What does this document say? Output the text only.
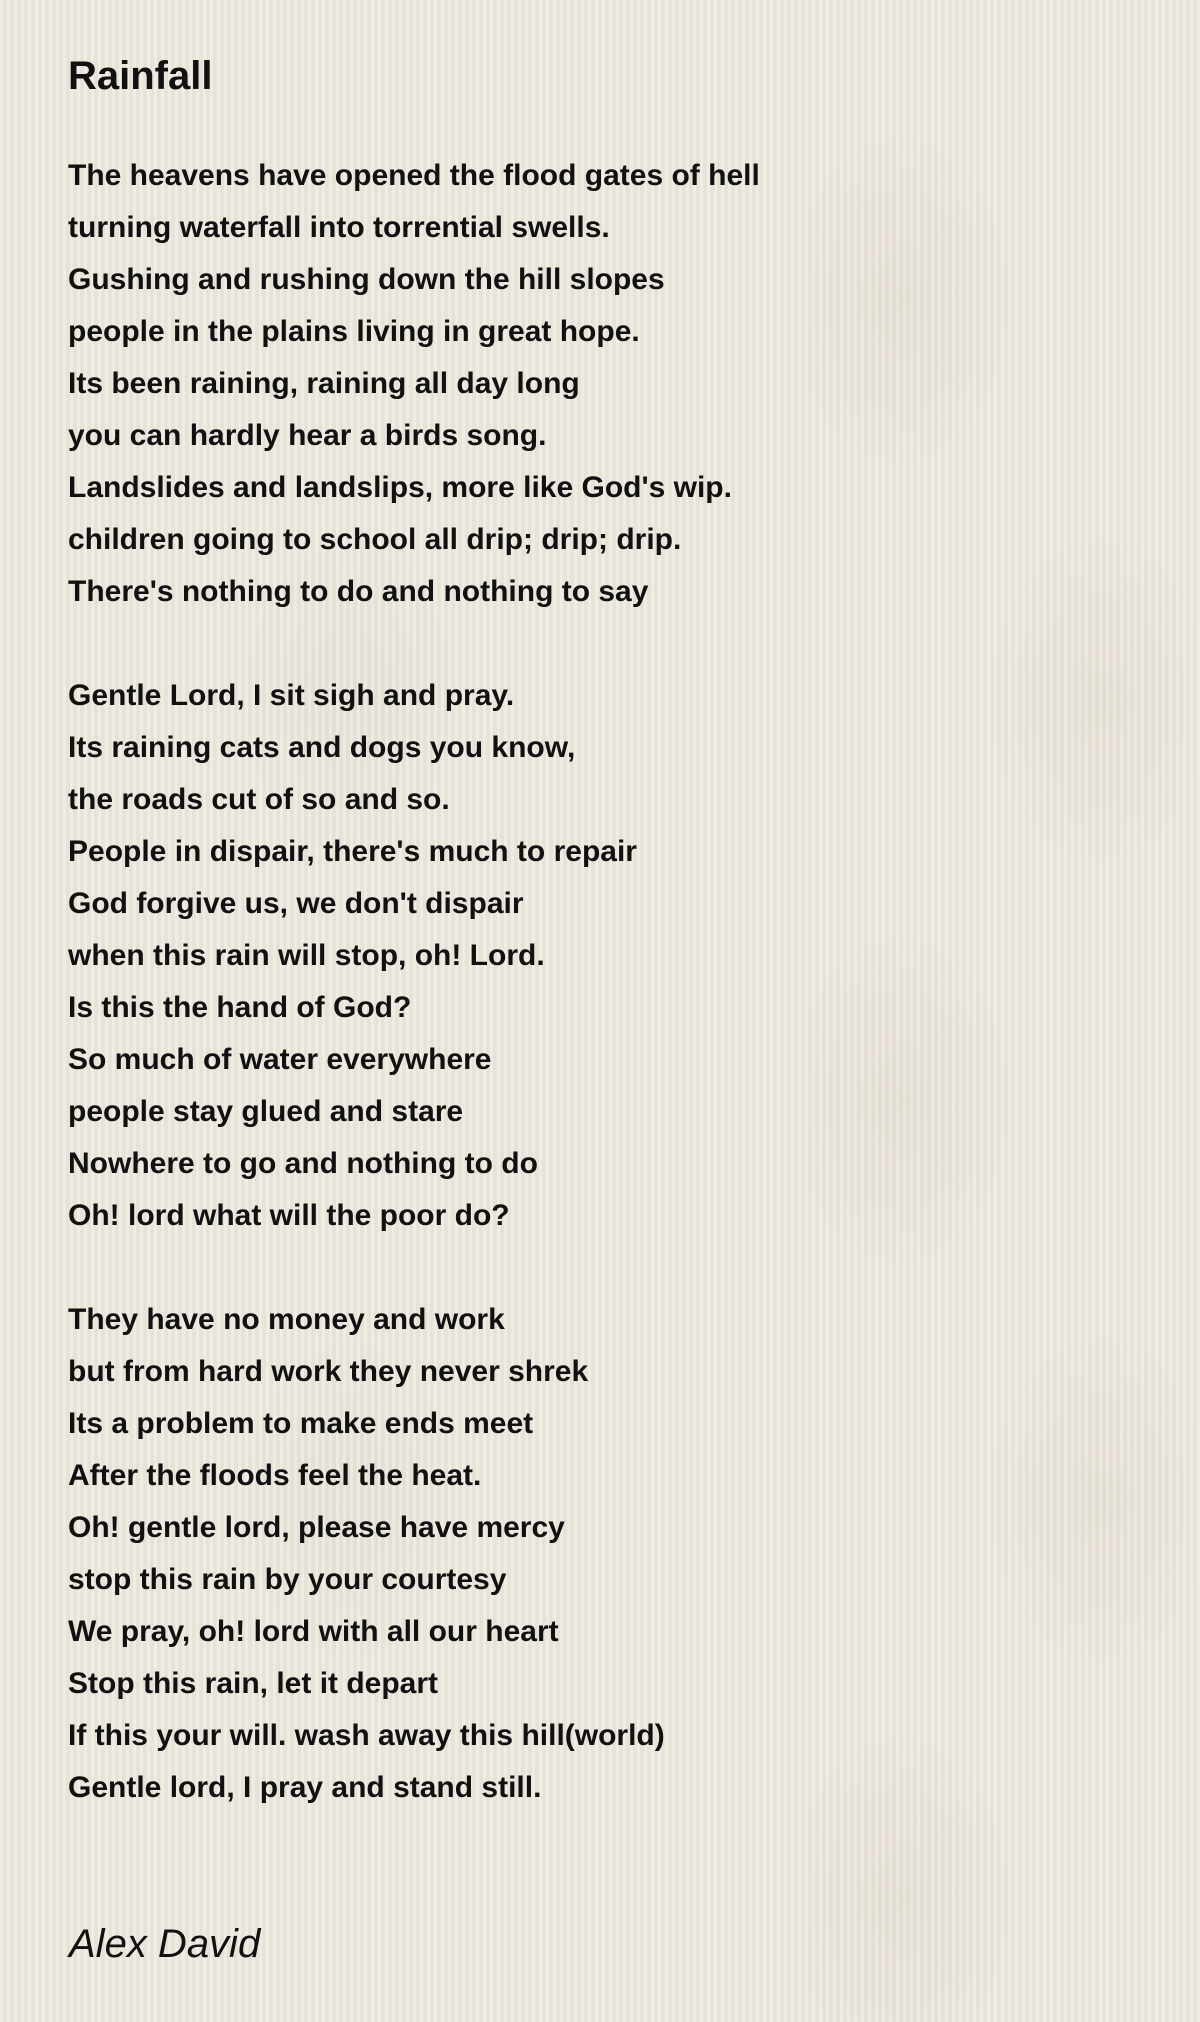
Rainfall
The heavens have opened the flood gates of hell
turning waterfall into torrential swells.
Gushing and rushing down the hill slopes
people in the plains living in great hope.
Its been raining, raining all day long
you can hardly hear a birds song.
Landslides and landslips, more like God's wip.
children going to school all drip; drip; drip.
There's nothing to do and nothing to say
Gentle Lord, I sit sigh and pray.
Its raining cats and dogs you know,
the roads cut of so and so.
People in dispair, there's much to repair
God forgive us, we don't dispair
when this rain will stop, oh! Lord.
Is this the hand of God?
So much of water everywhere
people stay glued and stare
Nowhere to go and nothing to do
Oh! lord what will the poor do?
They have no money and work
but from hard work they never shrek
Its a problem to make ends meet
After the floods feel the heat.
Oh! gentle lord, please have mercy
stop this rain by your courtesy
We pray, oh! lord with all our heart
Stop this rain, let it depart
If this your will. wash away this hill(world)
Gentle lord, I pray and stand still.
Alex David
